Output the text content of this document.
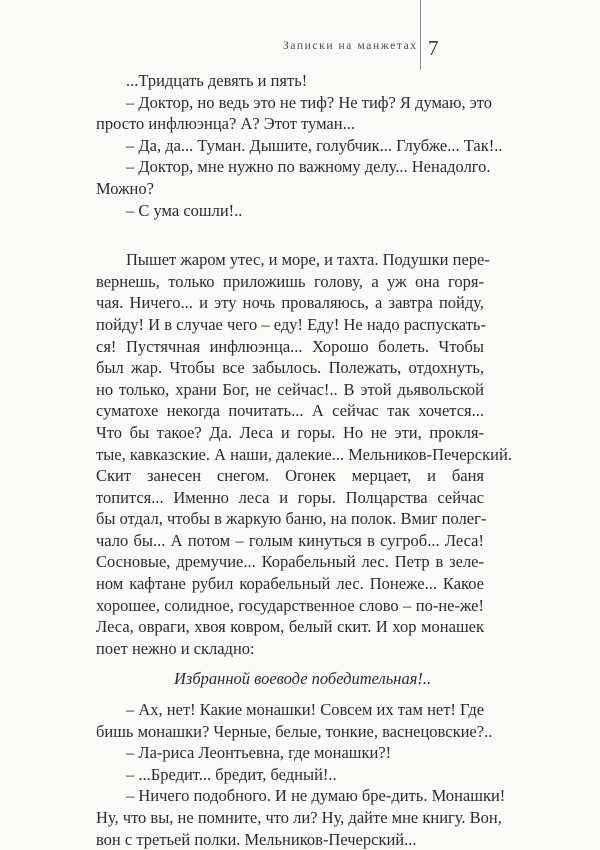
Записки на манжетах 7
...Тридцать девять и пять!
– Доктор, но ведь это не тиф? Не тиф? Я думаю, это
просто инфлюэнца? А? Этот туман...
– Да, да... Туман. Дышите, голубчик... Глубже... Так!..
– Доктор, мне нужно по важному делу... Ненадолго.
Можно?
– С ума сошли!..
Пышет жаром утес, и море, и тахта. Подушки пере-
вернешь, только приложишь голову, а уж она горя-
чая. Ничего... и эту ночь проваляюсь, а завтра пойду,
пойду! И в случае чего – еду! Еду! Не надо распускать-
ся! Пустячная инфлюэнца... Хорошо болеть. Чтобы
был жар. Чтобы все забылось. Полежать, отдохнуть,
но только, храни Бог, не сейчас!.. В этой дьявольской
суматохе некогда почитать... А сейчас так хочется...
Что бы такое? Да. Леса и горы. Но не эти, прокля-
тые, кавказские. А наши, далекие... Мельников-Печерский.
Скит занесен снегом. Огонек мерцает, и баня
топится... Именно леса и горы. Полцарства сейчас
бы отдал, чтобы в жаркую баню, на полок. Вмиг полег-
чало бы... А потом – голым кинуться в сугроб... Леса!
Сосновые, дремучие... Корабельный лес. Петр в зеле-
ном кафтане рубил корабельный лес. Понеже... Какое
хорошее, солидное, государственное слово – по-не-же!
Леса, овраги, хвоя ковром, белый скит. И хор монашек
поет нежно и складно:
Избранной воеводе победительная!..
– Ах, нет! Какие монашки! Совсем их там нет! Где
бишь монашки? Черные, белые, тонкие, васнецовские?..
– Ла-риса Леонтьевна, где монашки?!
– ...Бредит... бредит, бедный!..
– Ничего подобного. И не думаю бре-дить. Монашки!
Ну, что вы, не помните, что ли? Ну, дайте мне книгу. Вон,
вон с третьей полки. Мельников-Печерский...
